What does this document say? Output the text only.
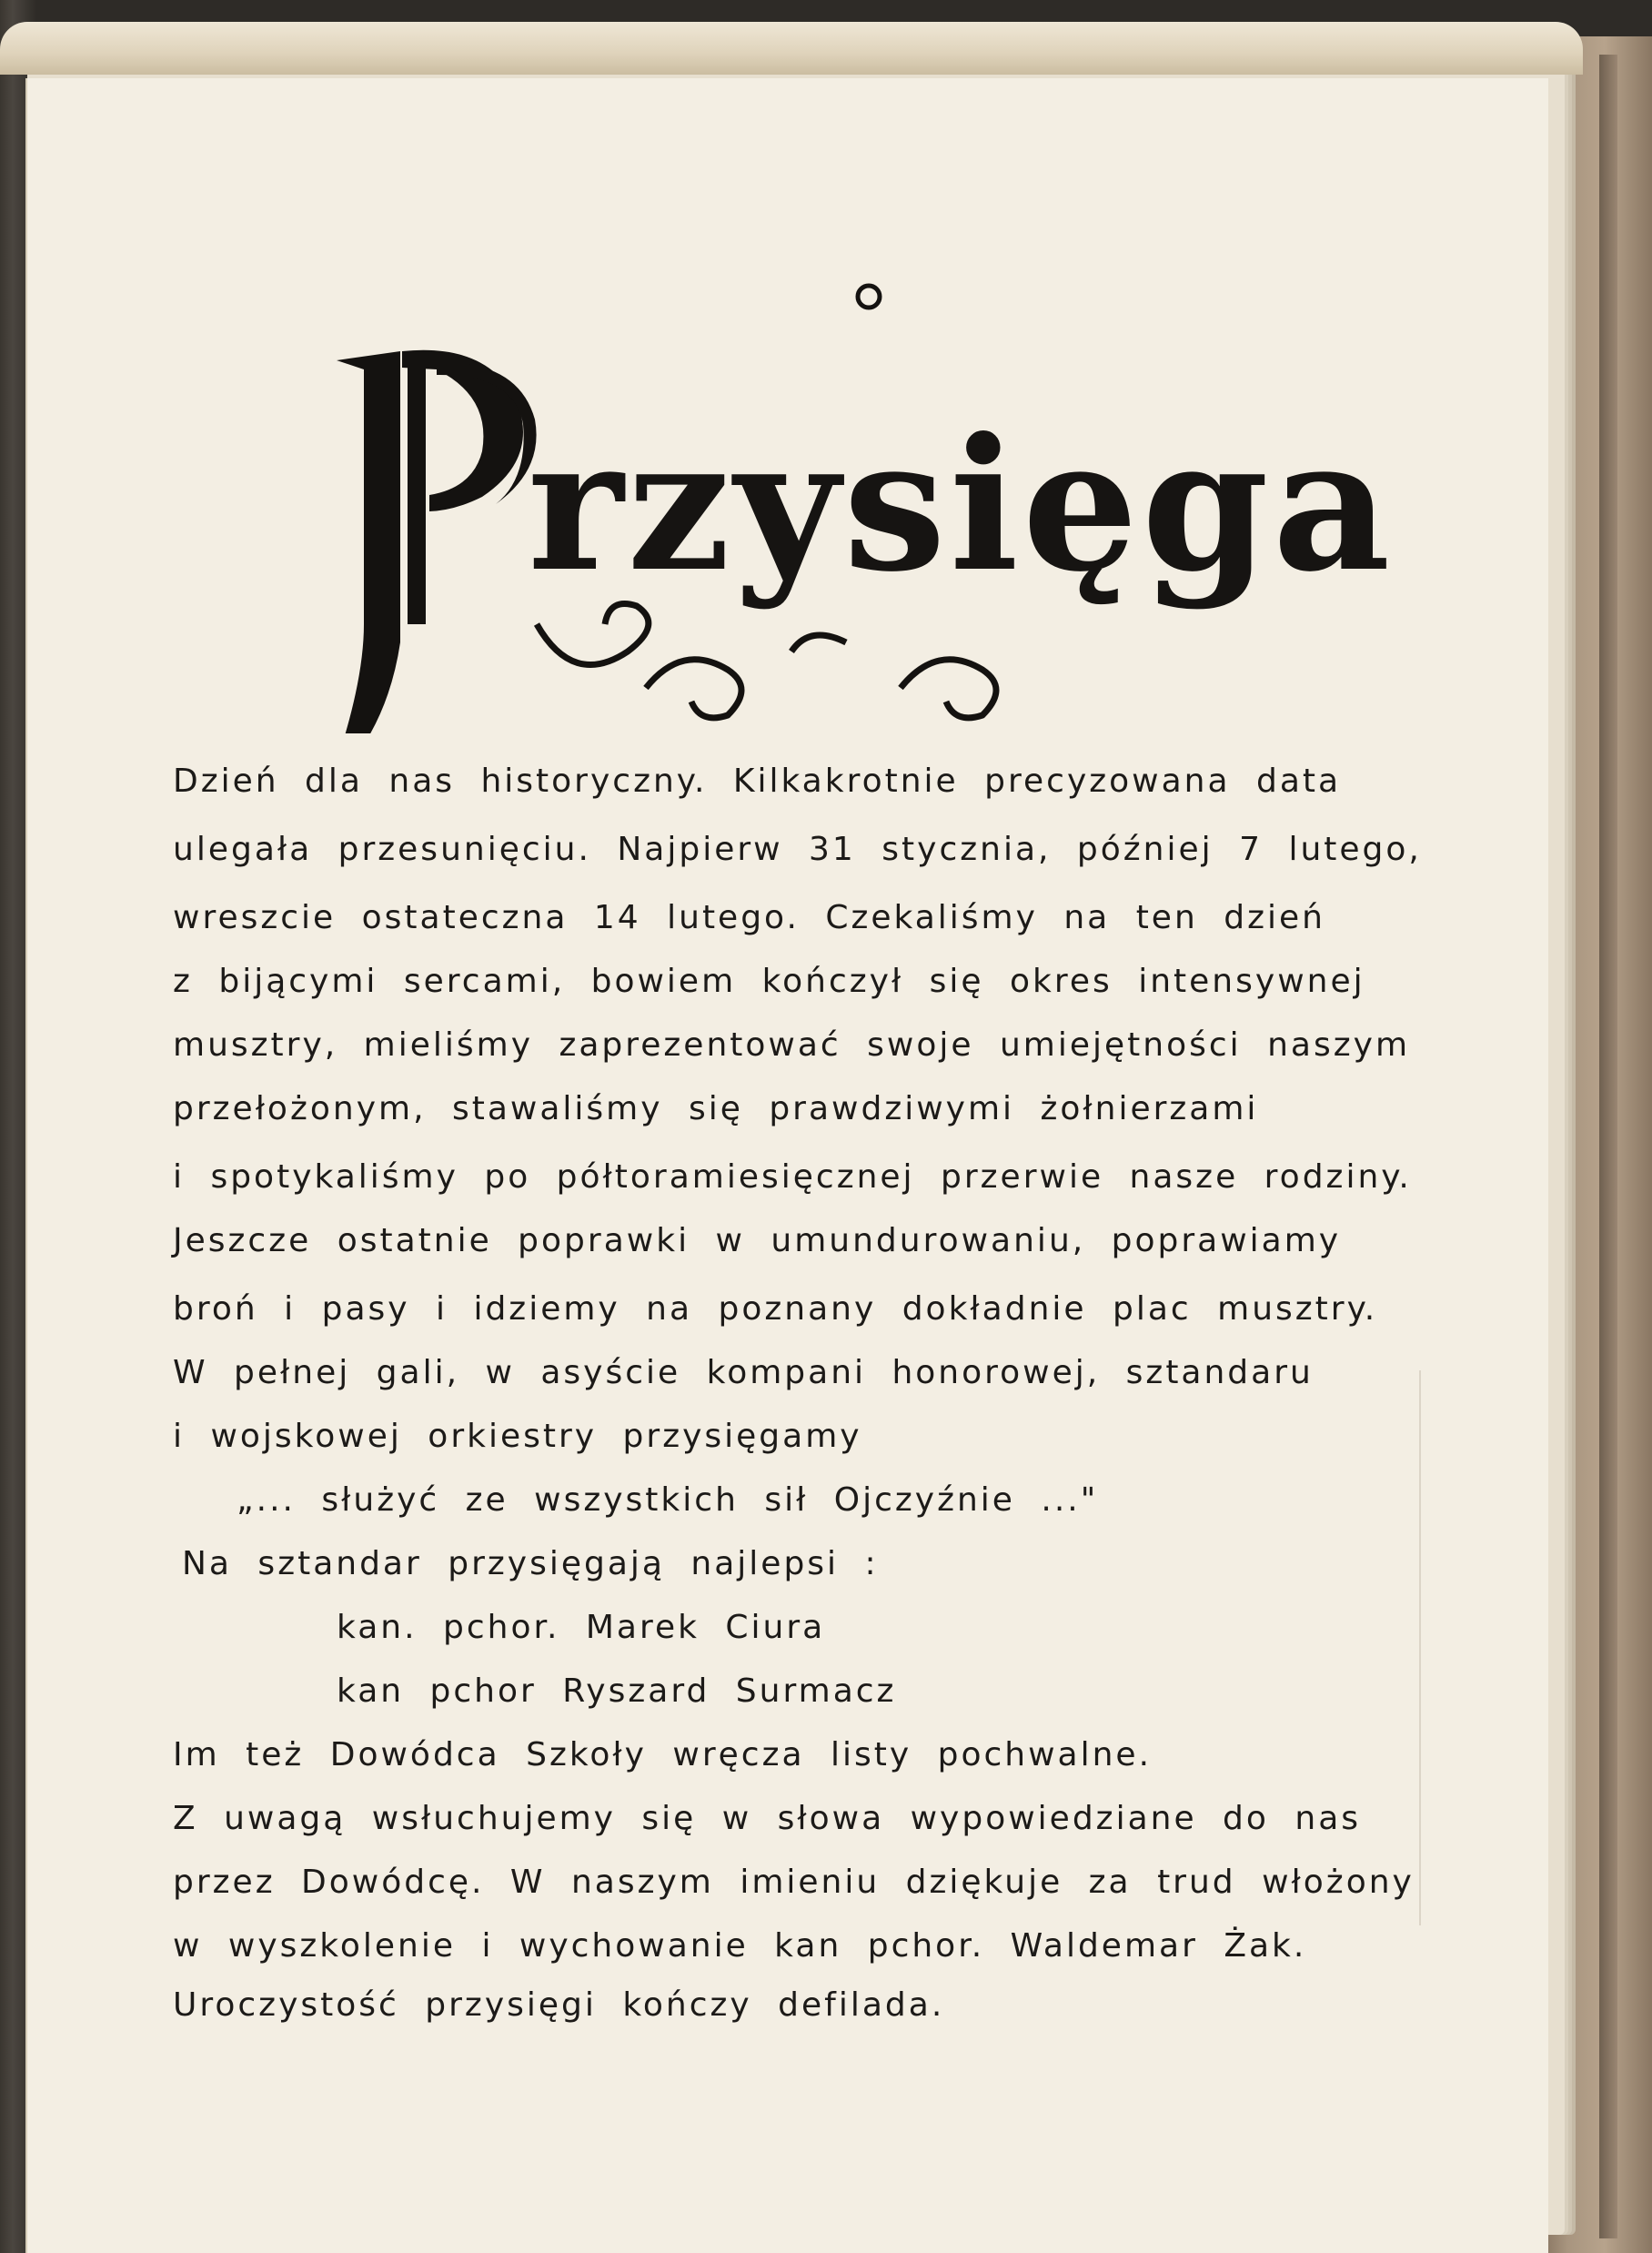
rzysięga
Dzień dla nas historyczny. Kilkakrotnie precyzowana data
ulegała przesunięciu. Najpierw 31 stycznia, później 7 lutego,
wreszcie ostateczna 14 lutego. Czekaliśmy na ten dzień
z bijącymi sercami, bowiem kończył się okres intensywnej
musztry, mieliśmy zaprezentować swoje umiejętności naszym
przełożonym, stawaliśmy się prawdziwymi żołnierzami
i spotykaliśmy po półtoramiesięcznej przerwie nasze rodziny.
Jeszcze ostatnie poprawki w umundurowaniu, poprawiamy
broń i pasy i idziemy na poznany dokładnie plac musztry.
W pełnej gali, w asyście kompani honorowej, sztandaru
i wojskowej orkiestry przysięgamy
„... służyć ze wszystkich sił Ojczyźnie ..."
Na sztandar przysięgają najlepsi :
kan. pchor. Marek Ciura
kan pchor Ryszard Surmacz
Im też Dowódca Szkoły wręcza listy pochwalne.
Z uwagą wsłuchujemy się w słowa wypowiedziane do nas
przez Dowódcę. W naszym imieniu dziękuje za trud włożony
w wyszkolenie i wychowanie kan pchor. Waldemar Żak.
Uroczystość przysięgi kończy defilada.
